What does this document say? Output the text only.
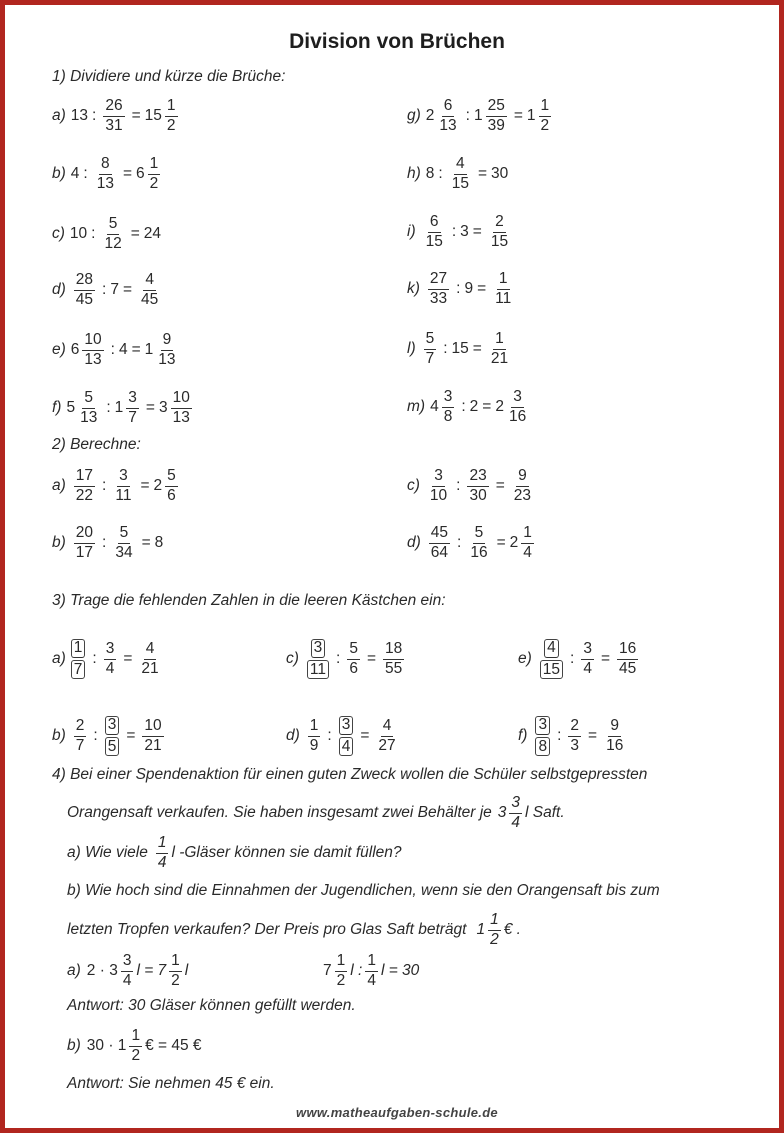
Division von Brüchen
1) Dividiere und kürze die Brüche:
a) 13 : $\frac{26}{31} = 15 \frac{1}{2}$
b) 4 : $\frac{8}{13} = 6 \frac{1}{2}$
c) 10 : $\frac{5}{12} = 24$
$d) \frac{28}{45}$ : $7 = \frac{4}{45}$
e) $6 \frac{10}{13}$ : $4 = 1 \frac{9}{13}$
f) $5 \frac{5}{13}$ : $1 \frac{3}{7} = 3 \frac{10}{13}$
g) $2 \frac{6}{13}$ : $1 \frac{25}{39} = 1 \frac{1}{2}$
h) 8 : $\frac{4}{15} = 30$
$i) \frac{6}{15}$ : $3 = \frac{2}{15}$
$k) \frac{27}{33}$ : $9 = \frac{1}{11}$
$l) \frac{5}{7}$ : $15 = \frac{1}{21}$
m) $4 \frac{3}{8}$ : $2 = 2 \frac{3}{16}$
2) Berechne:
$a) \frac{17}{22}$ : $\frac{3}{11} = 2 \frac{5}{6}$
$b) \frac{20}{17}$ : $\frac{5}{34} = 8$
$c) \frac{3}{10}$ : $\frac{23}{30} = \frac{9}{23}$
$d) \frac{45}{64}$ : $\frac{5}{16} = 2 \frac{1}{4}$
3) Trage die fehlenden Zahlen in die leeren Kästchen ein:
$a) \frac{1}{7}$ : $\frac{3}{4} = \frac{4}{21}$
$b) \frac{2}{7}$ : $\frac{3}{5} = \frac{10}{21}$
$c) \frac{3}{11}$ : $\frac{5}{6} = \frac{18}{55}$
$d) \frac{1}{9}$ : $\frac{3}{4} = \frac{4}{27}$
$e) \frac{4}{15}$ : $\frac{3}{4} = \frac{16}{45}$
$f) \frac{3}{8}$ : $\frac{2}{3} = \frac{9}{16}$
4) Bei einer Spendenaktion für einen guten Zweck wollen die Schüler selbstgepressten
Orangensaft verkaufen. Sie haben insgesamt zwei Behälter je $3 \frac{3}{4}$ l Saft.
a) Wie viele $\frac{1}{4}$ l -Gläser können sie damit füllen?
b) Wie hoch sind die Einnahmen der Jugendlichen, wenn sie den Orangensaft bis zum
letzten Tropfen verkaufen? Der Preis pro Glas Saft beträgt $1 \frac{1}{2}$ € .
a) $2 \cdot 3 \frac{3}{4}$ $l = 7 \frac{1}{2}$ l	$7 \frac{1}{2}$ l : $\frac{1}{4}$ l = 30
Antwort: 30 Gläser können gefüllt werden.
b) $30 \cdot 1 \frac{1}{2}$ € = 45 €
Antwort: Sie nehmen 45 € ein.
www.matheaufgaben-schule.de
